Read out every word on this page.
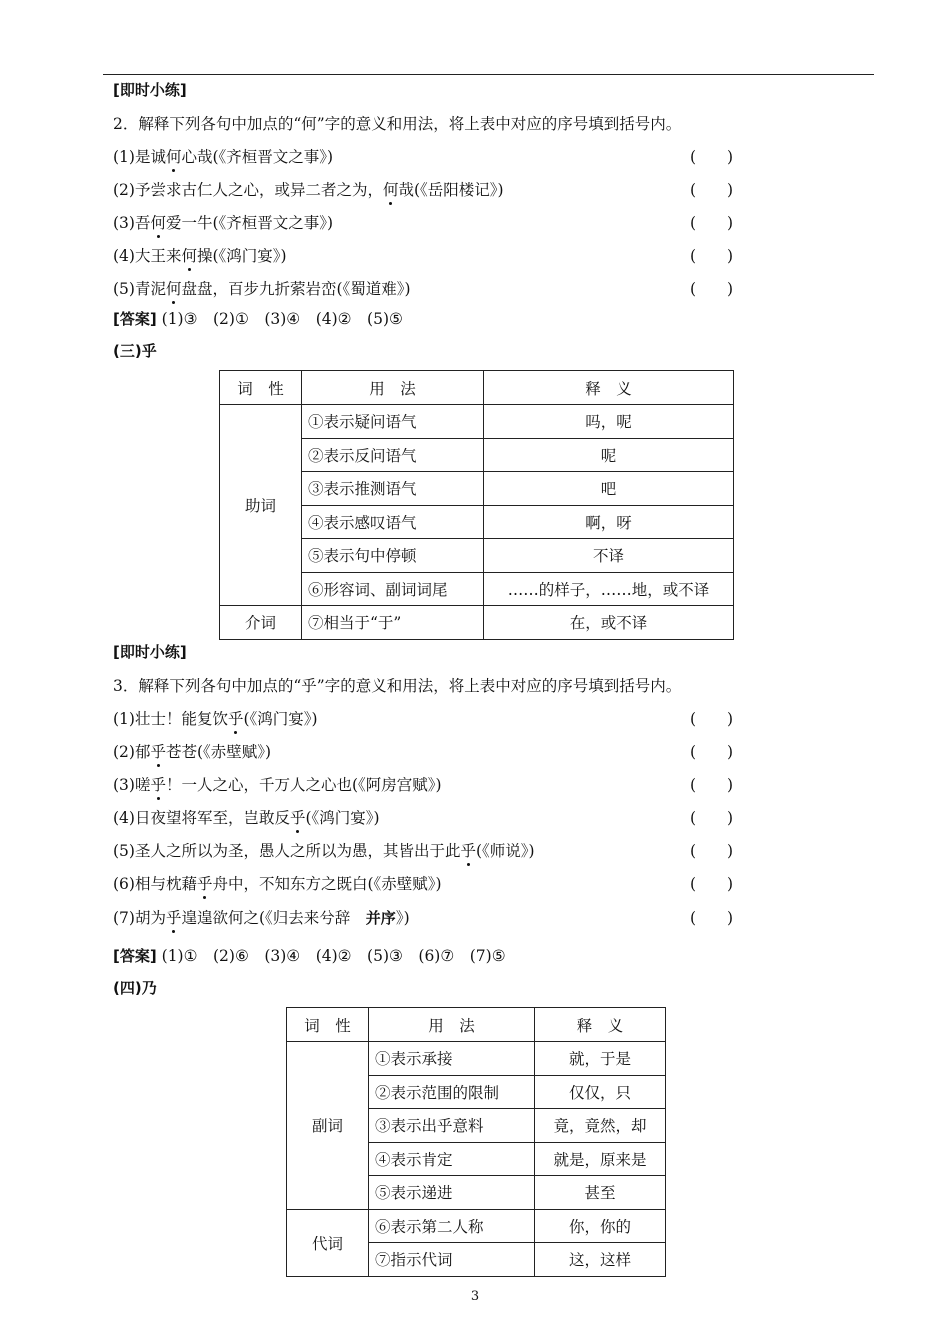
[即时小练]
2．解释下列各句中加点的“何”字的意义和用法，将上表中对应的序号填到括号内。
(1)是诚何心哉(《齐桓晋文之事》)	(　　)
(2)予尝求古仁人之心，或异二者之为，何哉(《岳阳楼记》)	(　　)
(3)吾何爱一牛(《齐桓晋文之事》)	(　　)
(4)大王来何操(《鸿门宴》)	(　　)
(5)青泥何盘盘，百步九折萦岩峦(《蜀道难》)	(　　)
[答案] (1)③　(2)①　(3)④　(4)②　(5)⑤
(三)乎
词　性	用　法	释　义
助词	①表示疑问语气	吗，呢
	②表示反问语气	呢
	③表示推测语气	吧
	④表示感叹语气	啊，呀
	⑤表示句中停顿	不译
	⑥形容词、副词词尾	……的样子，……地，或不译
介词	⑦相当于“于”	在，或不译
[即时小练]
3．解释下列各句中加点的“乎”字的意义和用法，将上表中对应的序号填到括号内。
(1)壮士！能复饮乎(《鸿门宴》)	(　　)
(2)郁乎苍苍(《赤壁赋》)	(　　)
(3)嗟乎！一人之心，千万人之心也(《阿房宫赋》)	(　　)
(4)日夜望将军至，岂敢反乎(《鸿门宴》)	(　　)
(5)圣人之所以为圣，愚人之所以为愚，其皆出于此乎(《师说》)	(　　)
(6)相与枕藉乎舟中，不知东方之既白(《赤壁赋》)	(　　)
(7)胡为乎遑遑欲何之(《归去来兮辞　并序》)	(　　)
[答案] (1)①　(2)⑥　(3)④　(4)②　(5)③　(6)⑦　(7)⑤
(四)乃
词　性	用　法	释　义
副词	①表示承接	就，于是
	②表示范围的限制	仅仅，只
	③表示出乎意料	竟，竟然，却
	④表示肯定	就是，原来是
	⑤表示递进	甚至
代词	⑥表示第二人称	你，你的
	⑦指示代词	这，这样
3
